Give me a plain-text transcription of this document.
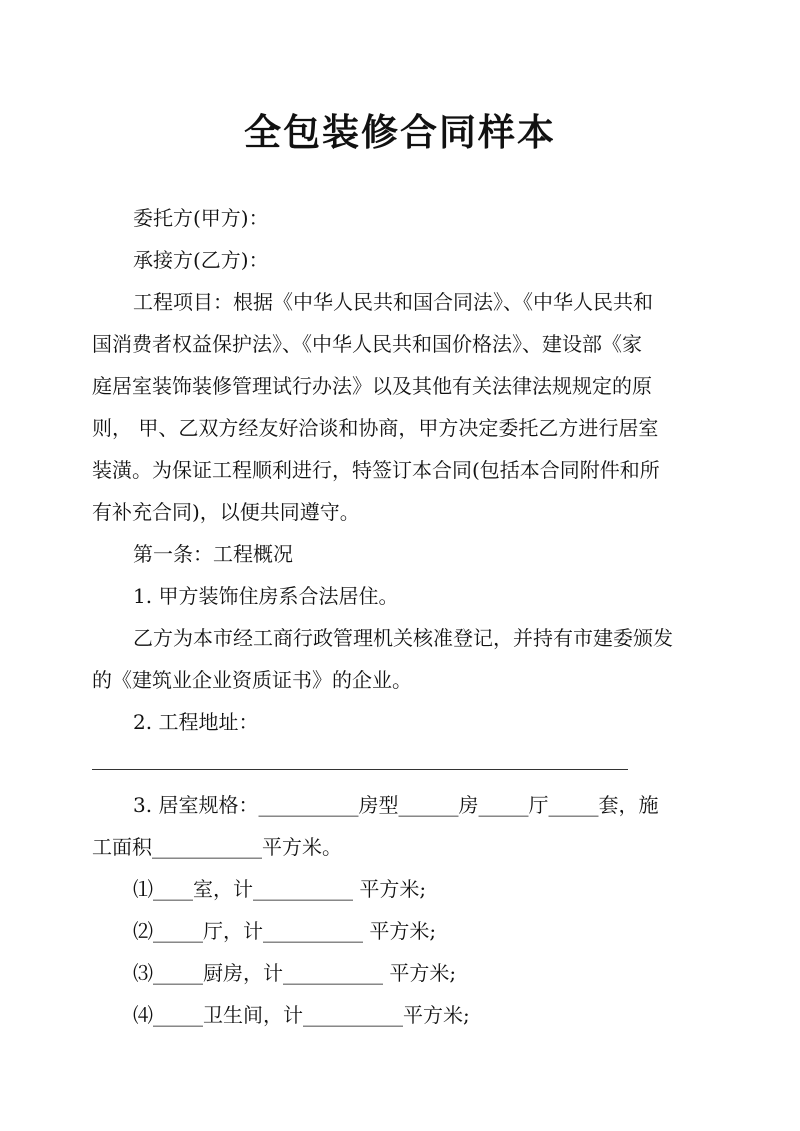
全包装修合同样本
委托方(甲方)：
承接方(乙方)：
工程项目：根据《中华人民共和国合同法》、《中华人民共和
国消费者权益保护法》、《中华人民共和国价格法》、建设部《家
庭居室装饰装修管理试行办法》以及其他有关法律法规规定的原
则， 甲、乙双方经友好洽谈和协商，甲方决定委托乙方进行居室
装潢。为保证工程顺利进行，特签订本合同(包括本合同附件和所
有补充合同)，以便共同遵守。
第一条：工程概况
1. 甲方装饰住房系合法居住。
乙方为本市经工商行政管理机关核准登记，并持有市建委颁发
的《建筑业企业资质证书》的企业。
2. 工程地址：
3. 居室规格：__________房型______房_____厅_____套，施
工面积___________平方米。
⑴____室，计__________ 平方米;
⑵_____厅，计__________ 平方米;
⑶_____厨房，计__________ 平方米;
⑷_____卫生间，计__________平方米;
